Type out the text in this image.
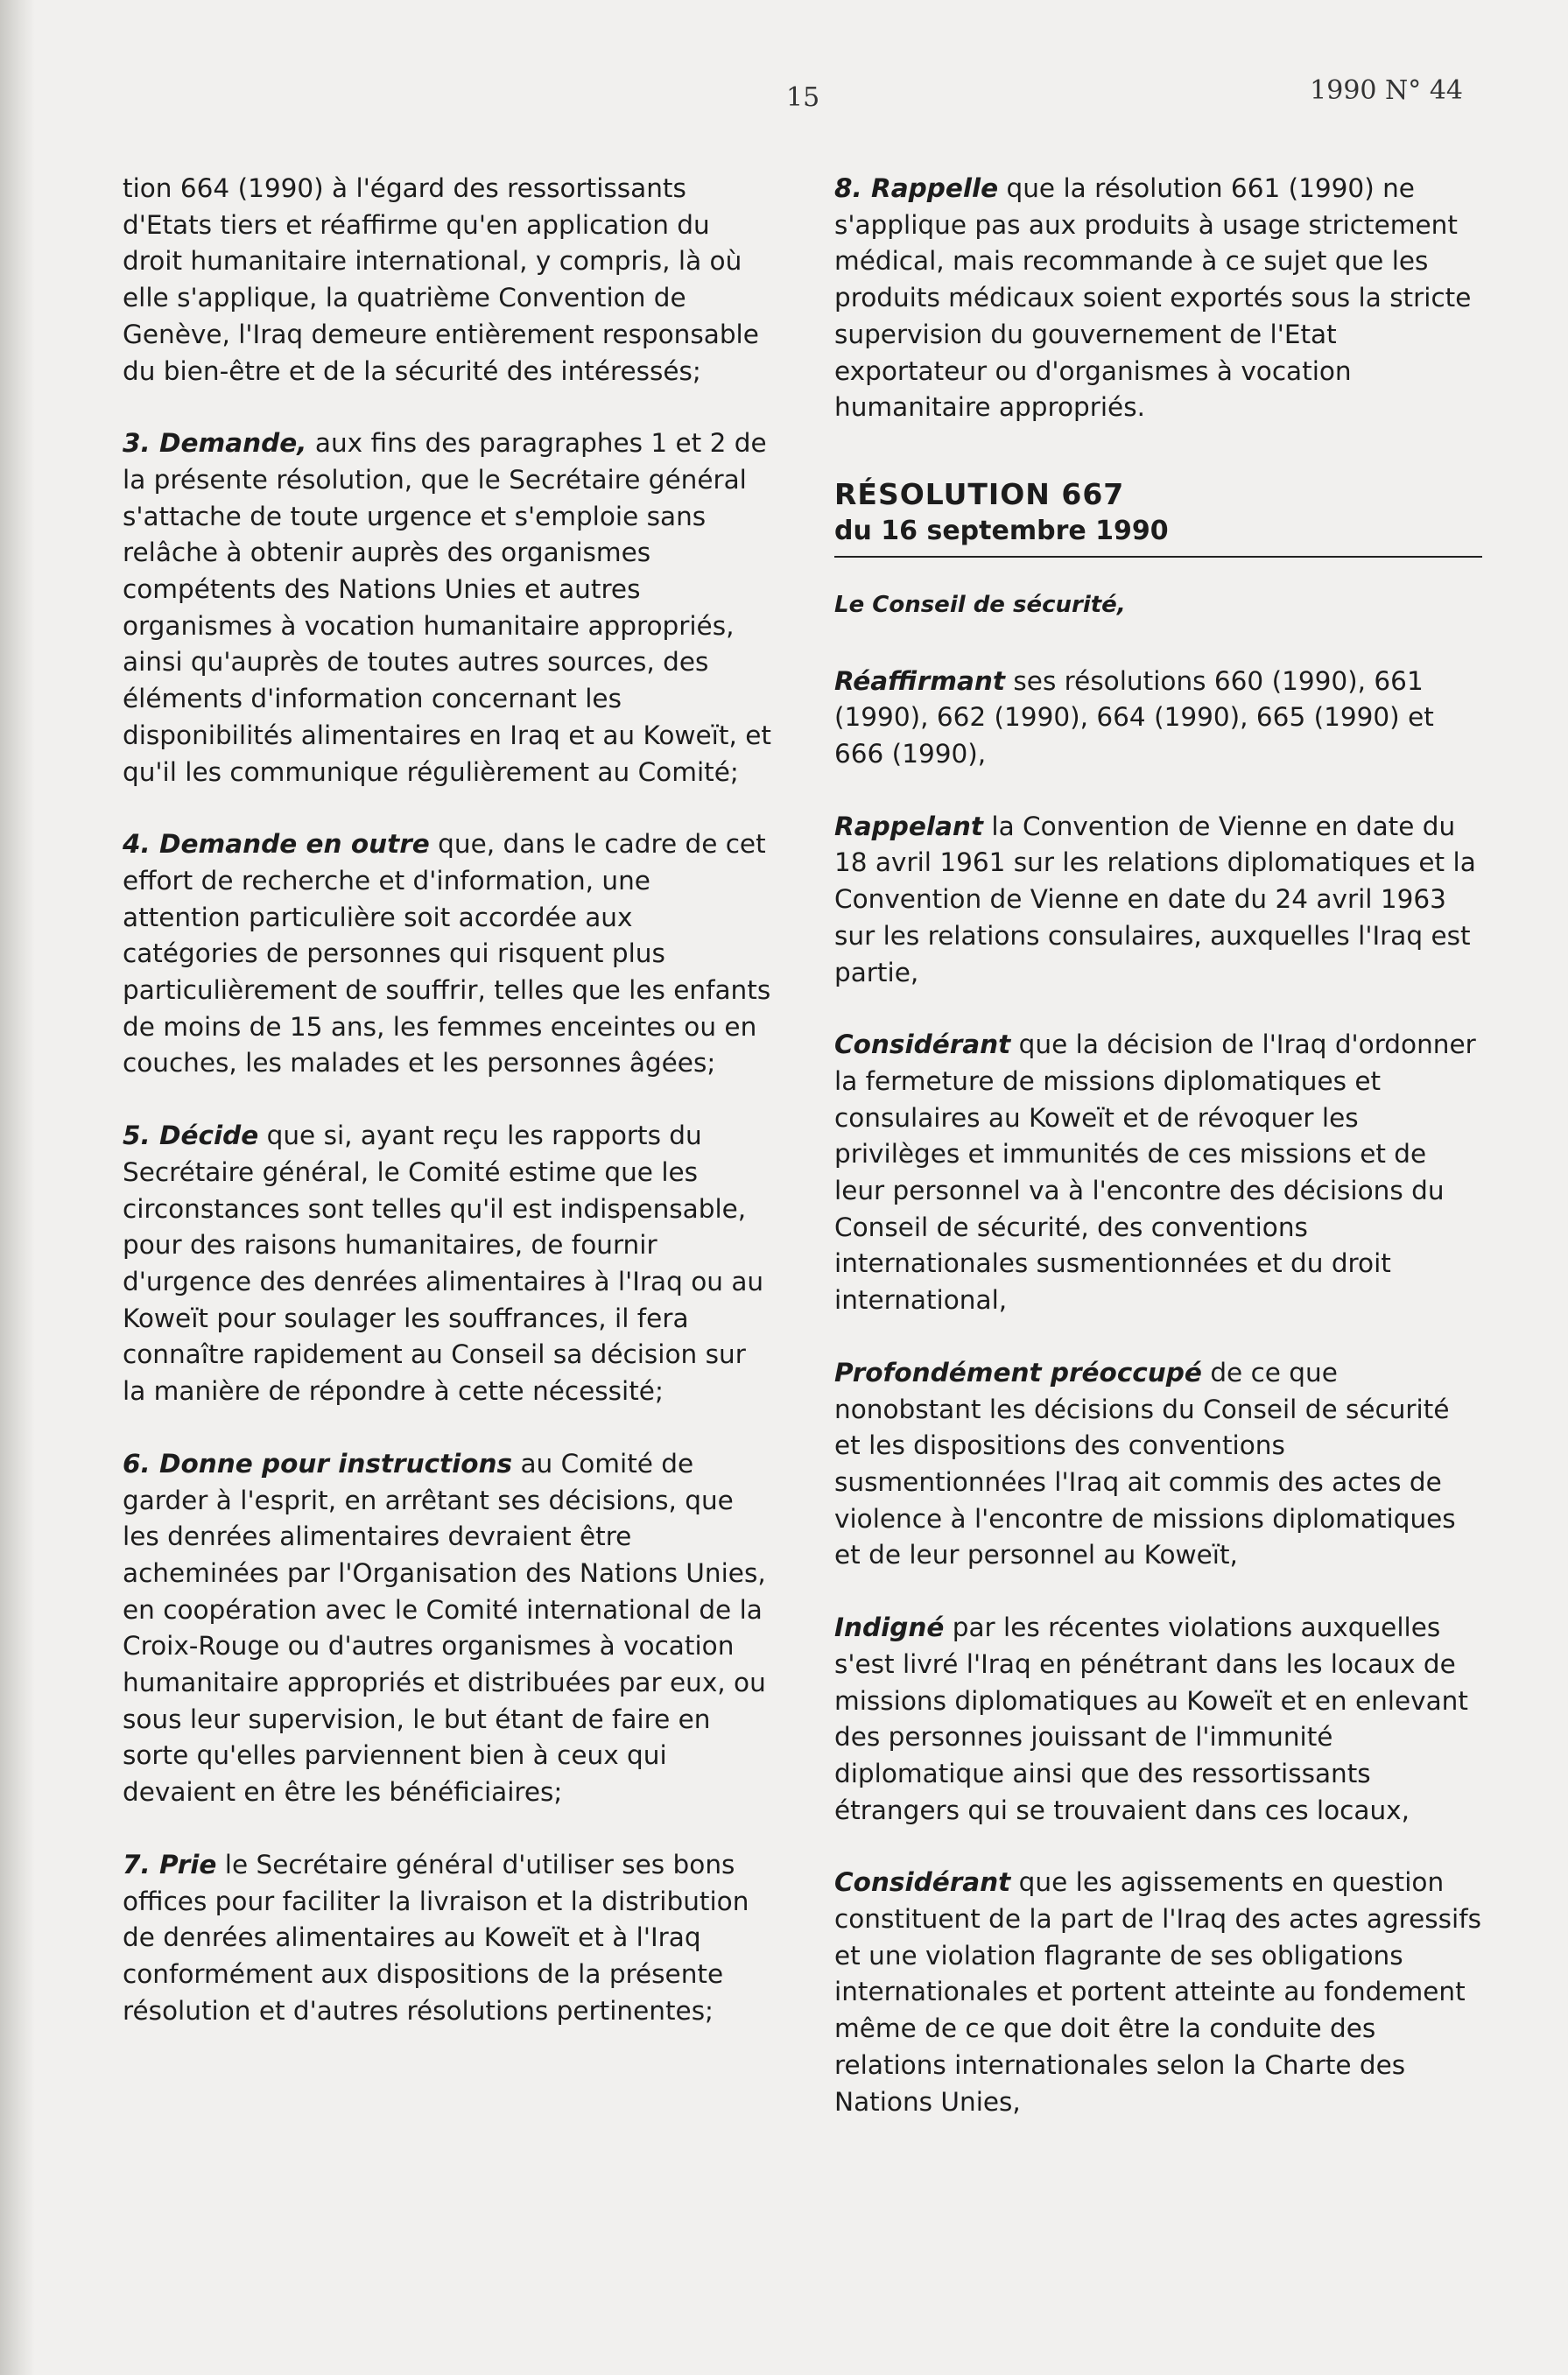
15	1990 N° 44

tion 664 (1990) à l'égard des ressortissants d'Etats tiers et réaffirme qu'en application du droit humanitaire international, y compris, là où elle s'applique, la quatrième Convention de Genève, l'Iraq demeure entièrement responsable du bien-être et de la sécurité des intéressés;

3. Demande, aux fins des paragraphes 1 et 2 de la présente résolution, que le Secrétaire général s'attache de toute urgence et s'emploie sans relâche à obtenir auprès des organismes compétents des Nations Unies et autres organismes à vocation humanitaire appropriés, ainsi qu'auprès de toutes autres sources, des éléments d'information concernant les disponibilités alimentaires en Iraq et au Koweït, et qu'il les communique régulièrement au Comité;

4. Demande en outre que, dans le cadre de cet effort de recherche et d'information, une attention particulière soit accordée aux catégories de personnes qui risquent plus particulièrement de souffrir, telles que les enfants de moins de 15 ans, les femmes enceintes ou en couches, les malades et les personnes âgées;

5. Décide que si, ayant reçu les rapports du Secrétaire général, le Comité estime que les circonstances sont telles qu'il est indispensable, pour des raisons humanitaires, de fournir d'urgence des denrées alimentaires à l'Iraq ou au Koweït pour soulager les souffrances, il fera connaître rapidement au Conseil sa décision sur la manière de répondre à cette nécessité;

6. Donne pour instructions au Comité de garder à l'esprit, en arrêtant ses décisions, que les denrées alimentaires devraient être acheminées par l'Organisation des Nations Unies, en coopération avec le Comité international de la Croix-Rouge ou d'autres organismes à vocation humanitaire appropriés et distribuées par eux, ou sous leur supervision, le but étant de faire en sorte qu'elles parviennent bien à ceux qui devaient en être les bénéficiaires;

7. Prie le Secrétaire général d'utiliser ses bons offices pour faciliter la livraison et la distribution de denrées alimentaires au Koweït et à l'Iraq conformément aux dispositions de la présente résolution et d'autres résolutions pertinentes;

8. Rappelle que la résolution 661 (1990) ne s'applique pas aux produits à usage strictement médical, mais recommande à ce sujet que les produits médicaux soient exportés sous la stricte supervision du gouvernement de l'Etat exportateur ou d'organismes à vocation humanitaire appropriés.

RÉSOLUTION 667
du 16 septembre 1990
Le Conseil de sécurité,

Réaffirmant ses résolutions 660 (1990), 661 (1990), 662 (1990), 664 (1990), 665 (1990) et 666 (1990),

Rappelant la Convention de Vienne en date du 18 avril 1961 sur les relations diplomatiques et la Convention de Vienne en date du 24 avril 1963 sur les relations consulaires, auxquelles l'Iraq est partie,

Considérant que la décision de l'Iraq d'ordonner la fermeture de missions diplomatiques et consulaires au Koweït et de révoquer les privilèges et immunités de ces missions et de leur personnel va à l'encontre des décisions du Conseil de sécurité, des conventions internationales susmentionnées et du droit international,

Profondément préoccupé de ce que nonobstant les décisions du Conseil de sécurité et les dispositions des conventions susmentionnées l'Iraq ait commis des actes de violence à l'encontre de missions diplomatiques et de leur personnel au Koweït,

Indigné par les récentes violations auxquelles s'est livré l'Iraq en pénétrant dans les locaux de missions diplomatiques au Koweït et en enlevant des personnes jouissant de l'immunité diplomatique ainsi que des ressortissants étrangers qui se trouvaient dans ces locaux,

Considérant que les agissements en question constituent de la part de l'Iraq des actes agressifs et une violation flagrante de ses obligations internationales et portent atteinte au fondement même de ce que doit être la conduite des relations internationales selon la Charte des Nations Unies,
